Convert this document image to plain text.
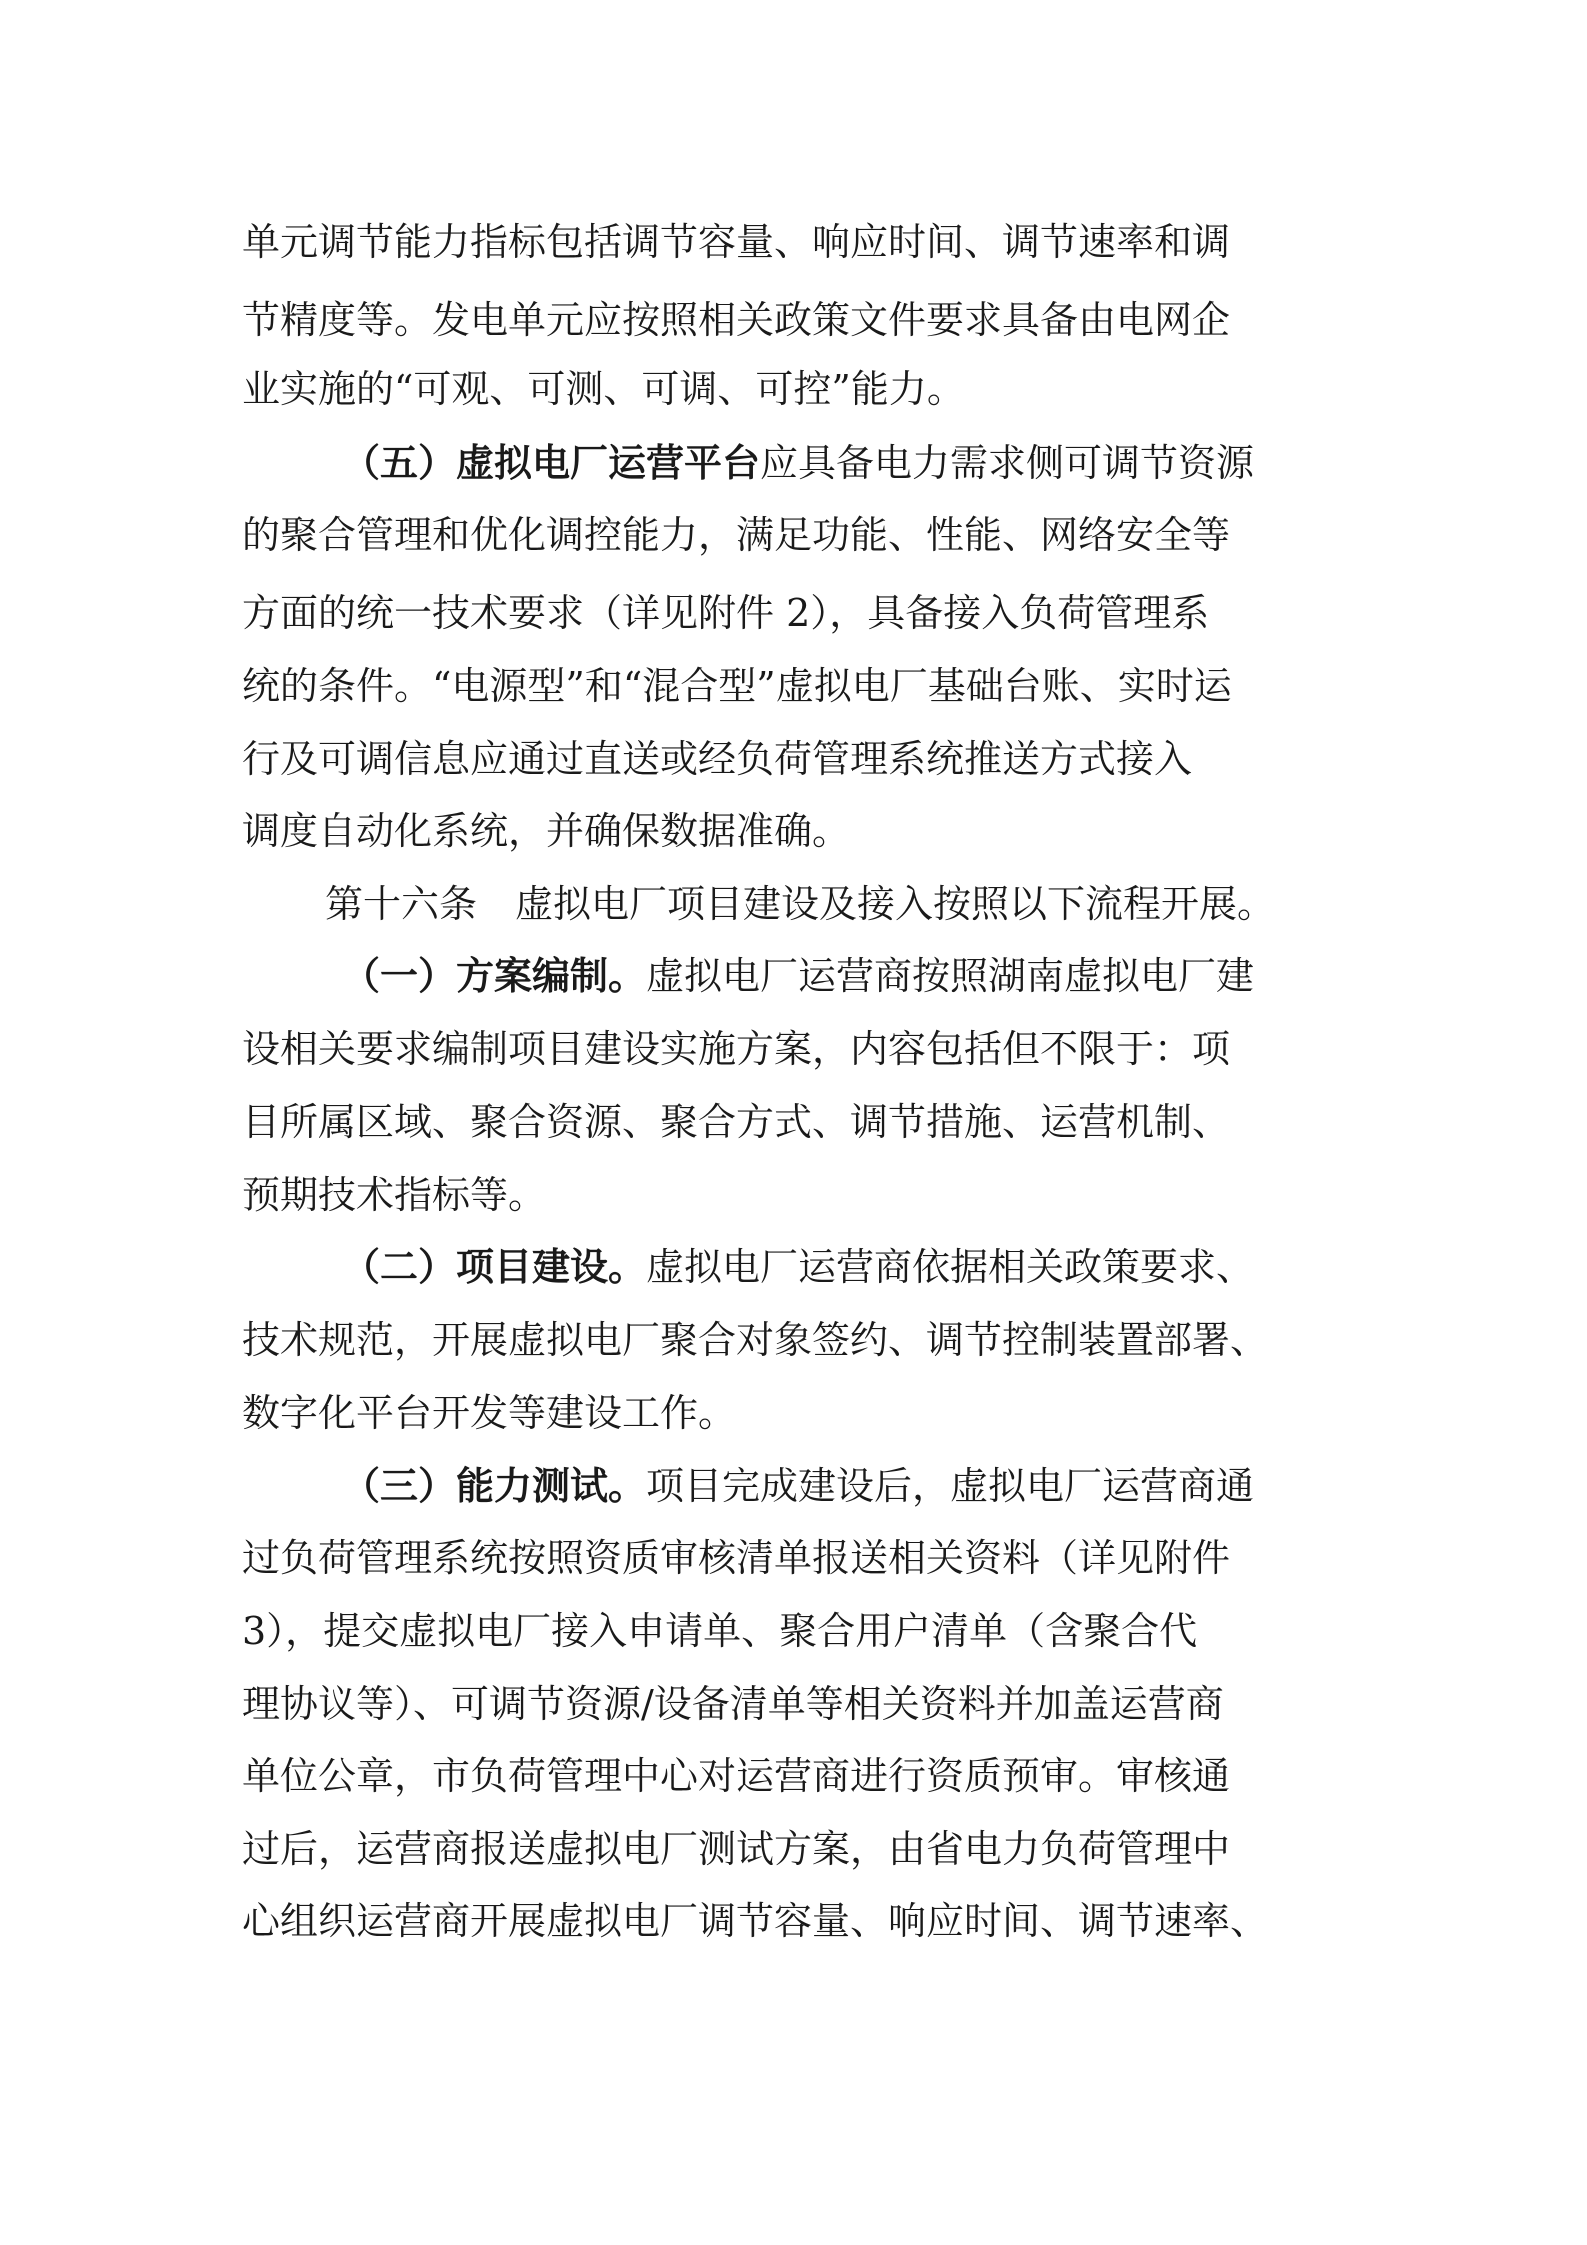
单元调节能力指标包括调节容量、响应时间、调节速率和调
节精度等。发电单元应按照相关政策文件要求具备由电网企
业实施的“可观、可测、可调、可控”能力。
（五）虚拟电厂运营平台应具备电力需求侧可调节资源
的聚合管理和优化调控能力，满足功能、性能、网络安全等
方面的统一技术要求（详见附件 2），具备接入负荷管理系
统的条件。“电源型”和“混合型”虚拟电厂基础台账、实时运
行及可调信息应通过直送或经负荷管理系统推送方式接入
调度自动化系统，并确保数据准确。
第十六条　虚拟电厂项目建设及接入按照以下流程开展。
（一）方案编制。虚拟电厂运营商按照湖南虚拟电厂建
设相关要求编制项目建设实施方案，内容包括但不限于：项
目所属区域、聚合资源、聚合方式、调节措施、运营机制、
预期技术指标等。
（二）项目建设。虚拟电厂运营商依据相关政策要求、
技术规范，开展虚拟电厂聚合对象签约、调节控制装置部署、
数字化平台开发等建设工作。
（三）能力测试。项目完成建设后，虚拟电厂运营商通
过负荷管理系统按照资质审核清单报送相关资料（详见附件
3），提交虚拟电厂接入申请单、聚合用户清单（含聚合代
理协议等）、可调节资源/设备清单等相关资料并加盖运营商
单位公章，市负荷管理中心对运营商进行资质预审。审核通
过后，运营商报送虚拟电厂测试方案，由省电力负荷管理中
心组织运营商开展虚拟电厂调节容量、响应时间、调节速率、
